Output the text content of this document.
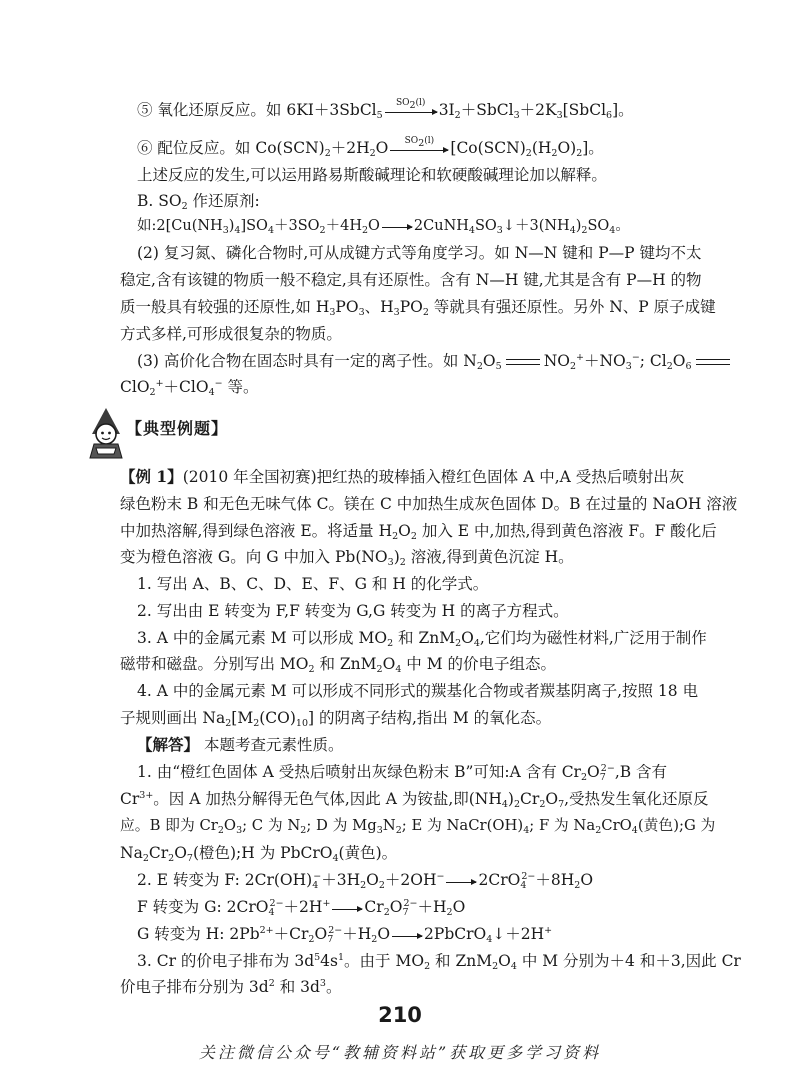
⑤ 氧化还原反应。如 6KI＋3SbCl$_5$
$SO_2(l)$ $3I_2+SbCl_3+2K_3[SbCl_6]$。
⑥ 配位反应。如 $Co(SCN)_2+2H_2O$	$SO_2(l)$	$[Co(SCN)_2(H_2O)_2]$。
上述反应的发生,可以运用路易斯酸碱理论和软硬酸碱理论加以解释。
B. $SO_2$ 作还原剂:
如$:2[Cu(NH_3)_4]SO_4+3SO_2+4H_2O$ → $2CuNH_4SO_3↓+3(NH_4)_2SO_4$。
(2) 复习氮、磷化合物时,可从成键方式等角度学习。如 N—N 键和 P—P 键均不太
稳定,含有该键的物质一般不稳定,具有还原性。含有 N—H 键,尤其是含有 P—H 的物
质一般具有较强的还原性,如 $H_3PO_3$、$H_3PO_2$ 等就具有强还原性。另外 N、P 原子成键
方式多样,可形成很复杂的物质。
(3) 高价化合物在固态时具有一定的离子性。如 $N_2O_5$	$NO_2^++NO_3^-$; $Cl_2O_6$
ClO$_2$+＋ClO$_4$− 等。
【典型例题】
【例 1】(2010 年全国初赛)把红热的玻棒插入橙红色固体 A 中,A 受热后喷射出灰
绿色粉末 B 和无色无味气体 C。镁在 C 中加热生成灰色固体 D。B 在过量的 NaOH 溶液
中加热溶解,得到绿色溶液 E。将适量 $H_2O_2$ 加入 E 中,加热,得到黄色溶液 F。F 酸化后
变为橙色溶液 G。向 G 中加入 $Pb(NO_3)_2$ 溶液,得到黄色沉淀 H。
1. 写出 A、B、C、D、E、F、G 和 H 的化学式。
2. 写出由 E 转变为 F,F 转变为 G,G 转变为 H 的离子方程式。
3. A 中的金属元素 M 可以形成 $MO_2$ 和 $ZnM_2O_4$,它们均为磁性材料,广泛用于制作
磁带和磁盘。分别写出 $MO_2$ 和 $ZnM_2O_4$ 中 M 的价电子组态。
4. A 中的金属元素 M 可以形成不同形式的羰基化合物或者羰基阴离子,按照 18 电
子规则画出 $Na_2[M_2(CO)_{10}]$ 的阴离子结构,指出 M 的氧化态。
【解答】 本题考查元素性质。
1. 由“橙红色固体 A 受热后喷射出灰绿色粉末 B”可知:A 含有 $Cr_2O_7^{2-},B$ 含有
$Cr^{3+}$。因 A 加热分解得无色气体,因此 A 为铵盐,即$(NH_4)_2Cr_2O_7$,受热发生氧化还原反
应。B 即为 $Cr_2O_3$; C 为 $N_2$; D 为 $Mg_3N_2$; E 为 $NaCr(OH)_4$; F 为 $Na_2CrO_4$(黄色);G 为
$Na_2Cr_2O_7$(橙色);H 为 PbCrO$_4$(黄色)。
2. E 转变为 F: $2Cr(OH)_4^-+3H_2O_2+2OH^- \to 2CrO_4^{2-}+8H_2O$
F 转变为 G: $2CrO_4^{2-}+2H^+ \to Cr_2O_7^{2-}+H_2O$
G 转变为 H: $2Pb^{2+}+Cr_2O_7^{2-}+H_2O$ → 2PbCrO$_4$↓＋2H+
3. Cr 的价电子排布为 $3d^54s^1$。由于 $MO_2$ 和 $ZnM_2O_4$ 中 M 分别为＋4 和＋3,因此 Cr
价电子排布分别为 $3d^2$ 和 $3d^3$。
210
关注微信公众号“教辅资料站”获取更多学习资料
